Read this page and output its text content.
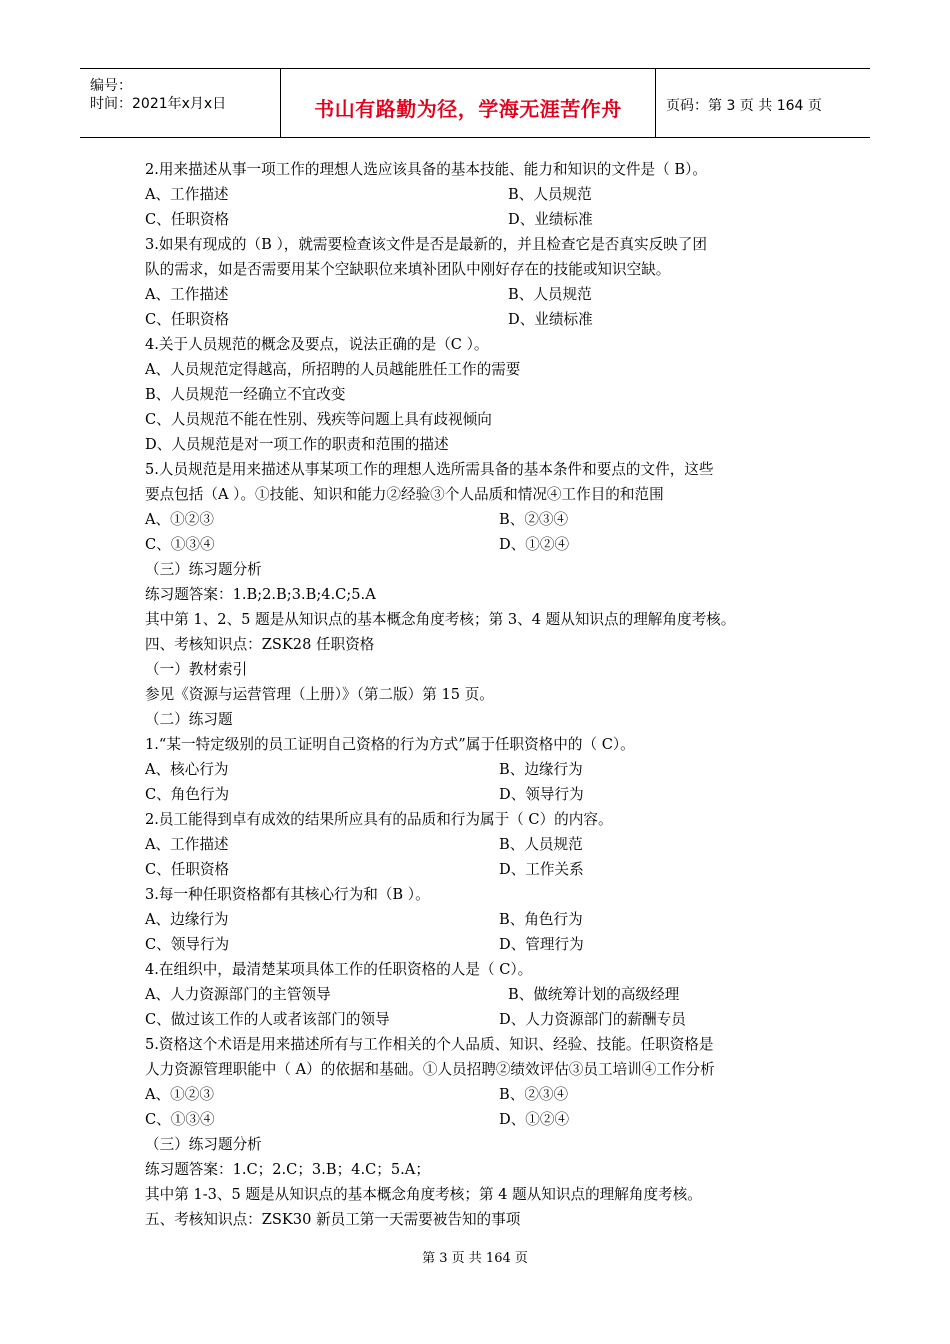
编号：
时间：2021年x月x日	书山有路勤为径，学海无涯苦作舟	页码：第 3 页 共 164 页
2.用来描述从事一项工作的理想人选应该具备的基本技能、能力和知识的文件是（ B）。
A、工作描述	B、人员规范
C、任职资格	D、业绩标准
3.如果有现成的（B ），就需要检查该文件是否是最新的，并且检查它是否真实反映了团
队的需求，如是否需要用某个空缺职位来填补团队中刚好存在的技能或知识空缺。
A、工作描述	B、人员规范
C、任职资格	D、业绩标准
4.关于人员规范的概念及要点，说法正确的是（C ）。
A、人员规范定得越高，所招聘的人员越能胜任工作的需要
B、人员规范一经确立不宜改变
C、人员规范不能在性别、残疾等问题上具有歧视倾向
D、人员规范是对一项工作的职责和范围的描述
5.人员规范是用来描述从事某项工作的理想人选所需具备的基本条件和要点的文件，这些
要点包括（A ）。①技能、知识和能力②经验③个人品质和情况④工作目的和范围
A、①②③	B、②③④
C、①③④	D、①②④
（三）练习题分析
练习题答案：1.B;2.B;3.B;4.C;5.A
其中第 1、2、5 题是从知识点的基本概念角度考核；第 3、4 题从知识点的理解角度考核。
四、考核知识点：ZSK28 任职资格
（一）教材索引
参见《资源与运营管理（上册）》（第二版）第 15 页。
（二）练习题
1.“某一特定级别的员工证明自己资格的行为方式”属于任职资格中的（ C）。
A、核心行为	B、边缘行为
C、角色行为	D、领导行为
2.员工能得到卓有成效的结果所应具有的品质和行为属于（ C）的内容。
A、工作描述	B、人员规范
C、任职资格	D、工作关系
3.每一种任职资格都有其核心行为和（B ）。
A、边缘行为	B、角色行为
C、领导行为	D、管理行为
4.在组织中，最清楚某项具体工作的任职资格的人是（ C）。
A、人力资源部门的主管领导	B、做统筹计划的高级经理
C、做过该工作的人或者该部门的领导	D、人力资源部门的薪酬专员
5.资格这个术语是用来描述所有与工作相关的个人品质、知识、经验、技能。任职资格是
人力资源管理职能中（ A）的依据和基础。①人员招聘②绩效评估③员工培训④工作分析
A、①②③	B、②③④
C、①③④	D、①②④
（三）练习题分析
练习题答案：1.C；2.C；3.B；4.C；5.A；
其中第 1-3、5 题是从知识点的基本概念角度考核；第 4 题从知识点的理解角度考核。
五、考核知识点：ZSK30 新员工第一天需要被告知的事项
第 3 页 共 164 页
